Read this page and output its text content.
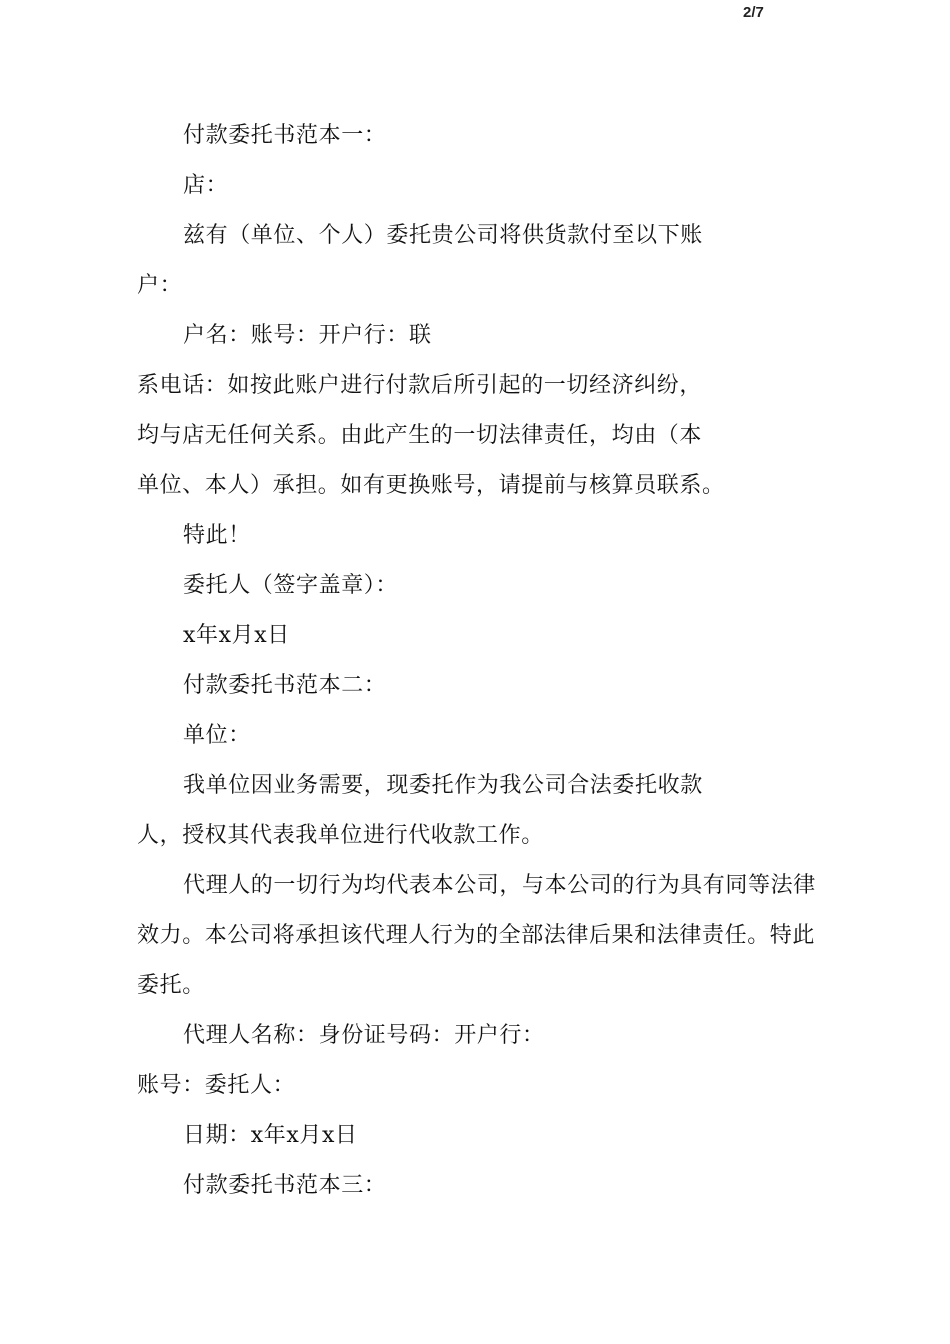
2/7
付款委托书范本一：
店：
兹有（单位、个人）委托贵公司将供货款付至以下账
户：
户名：账号：开户行：联
系电话：如按此账户进行付款后所引起的一切经济纠纷，
均与店无任何关系。由此产生的一切法律责任，均由（本
单位、本人）承担。如有更换账号，请提前与核算员联系。
特此！
委托人（签字盖章）：
x年x月x日
付款委托书范本二：
单位：
我单位因业务需要，现委托作为我公司合法委托收款
人，授权其代表我单位进行代收款工作。
代理人的一切行为均代表本公司，与本公司的行为具有同等法律
效力。本公司将承担该代理人行为的全部法律后果和法律责任。特此
委托。
代理人名称：身份证号码：开户行：
账号：委托人：
日期：x年x月x日
付款委托书范本三：
